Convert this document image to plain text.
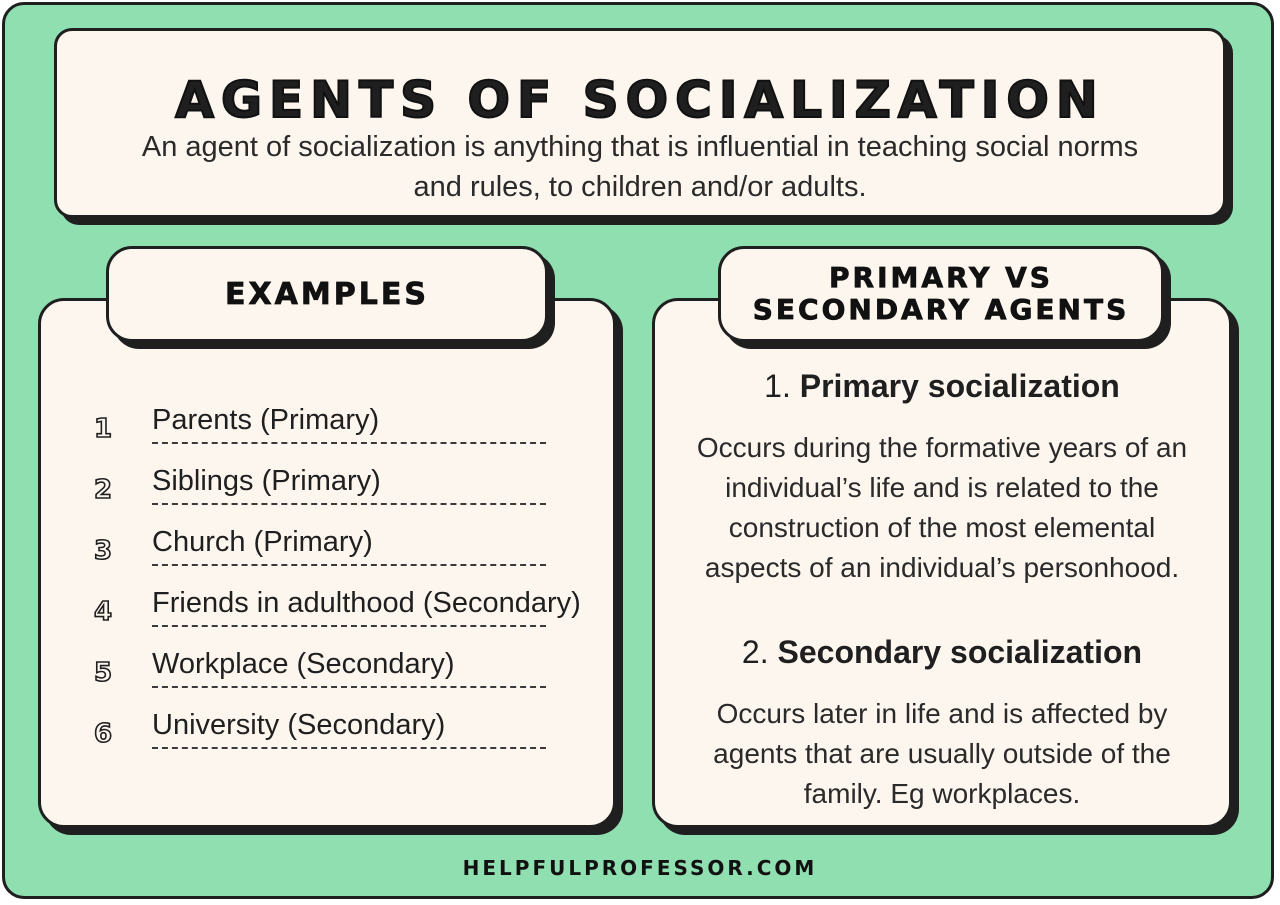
AGENTS OF SOCIALIZATION
An agent of socialization is anything that is influential in teaching social norms and rules, to children and/or adults.
EXAMPLES	PRIMARY VS
SECONDARY AGENTS
1 Parents (Primary)
2 Siblings (Primary)
3 Church (Primary)
4 Friends in adulthood (Secondary)
5 Workplace (Secondary)
6 University (Secondary)
1. Primary socialization
Occurs during the formative years of an individual’s life and is related to the construction of the most elemental aspects of an individual’s personhood.
2. Secondary socialization
Occurs later in life and is affected by agents that are usually outside of the family. Eg workplaces.
HELPFULPROFESSOR.COM
